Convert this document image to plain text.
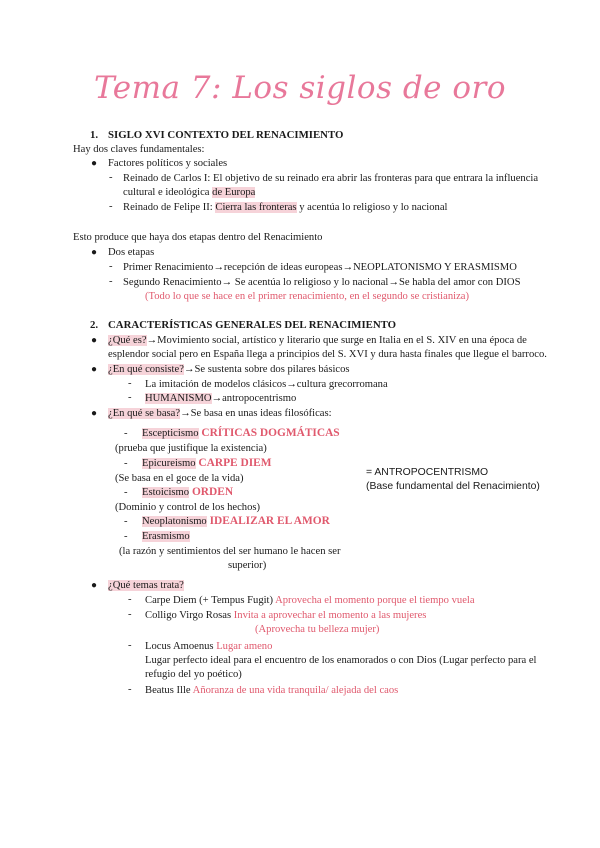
Tema 7: Los siglos de oro
1. SIGLO XVI CONTEXTO DEL RENACIMIENTO
Hay dos claves fundamentales:
● Factores políticos y sociales
- Reinado de Carlos I: El objetivo de su reinado era abrir las fronteras para que entrara la influencia
cultural e ideológica de Europa
- Reinado de Felipe II: Cierra las fronteras y acentúa lo religioso y lo nacional
Esto produce que haya dos etapas dentro del Renacimiento
● Dos etapas
- Primer Renacimiento→recepción de ideas europeas→NEOPLATONISMO Y ERASMISMO
- Segundo Renacimiento→ Se acentúa lo religioso y lo nacional→Se habla del amor con DIOS
(Todo lo que se hace en el primer renacimiento, en el segundo se cristianiza)
2. CARACTERÍSTICAS GENERALES DEL RENACIMIENTO
● ¿Qué es?→Movimiento social, artístico y literario que surge en Italia en el S. XIV en una época de
esplendor social pero en España llega a principios del S. XVI y dura hasta finales que llegue el barroco.
● ¿En qué consiste?→Se sustenta sobre dos pilares básicos
- La imitación de modelos clásicos→cultura grecorromana
- HUMANISMO→antropocentrismo
● ¿En qué se basa?→Se basa en unas ideas filosóficas:
- Escepticismo CRÍTICAS DOGMÁTICAS
(prueba que justifique la existencia)
- Epicureismo CARPE DIEM
(Se basa en el goce de la vida)
- Estoicismo ORDEN
(Dominio y control de los hechos)
- Neoplatonismo IDEALIZAR EL AMOR
- Erasmismo
(la razón y sentimientos del ser humano le hacen ser
superior)
= ANTROPOCENTRISMO
(Base fundamental del Renacimiento)
● ¿Qué temas trata?
- Carpe Diem (+ Tempus Fugit) Aprovecha el momento porque el tiempo vuela
- Colligo Virgo Rosas Invita a aprovechar el momento a las mujeres
(Aprovecha tu belleza mujer)
- Locus Amoenus Lugar ameno
Lugar perfecto ideal para el encuentro de los enamorados o con Dios (Lugar perfecto para el
refugio del yo poético)
- Beatus Ille Añoranza de una vida tranquila/ alejada del caos
